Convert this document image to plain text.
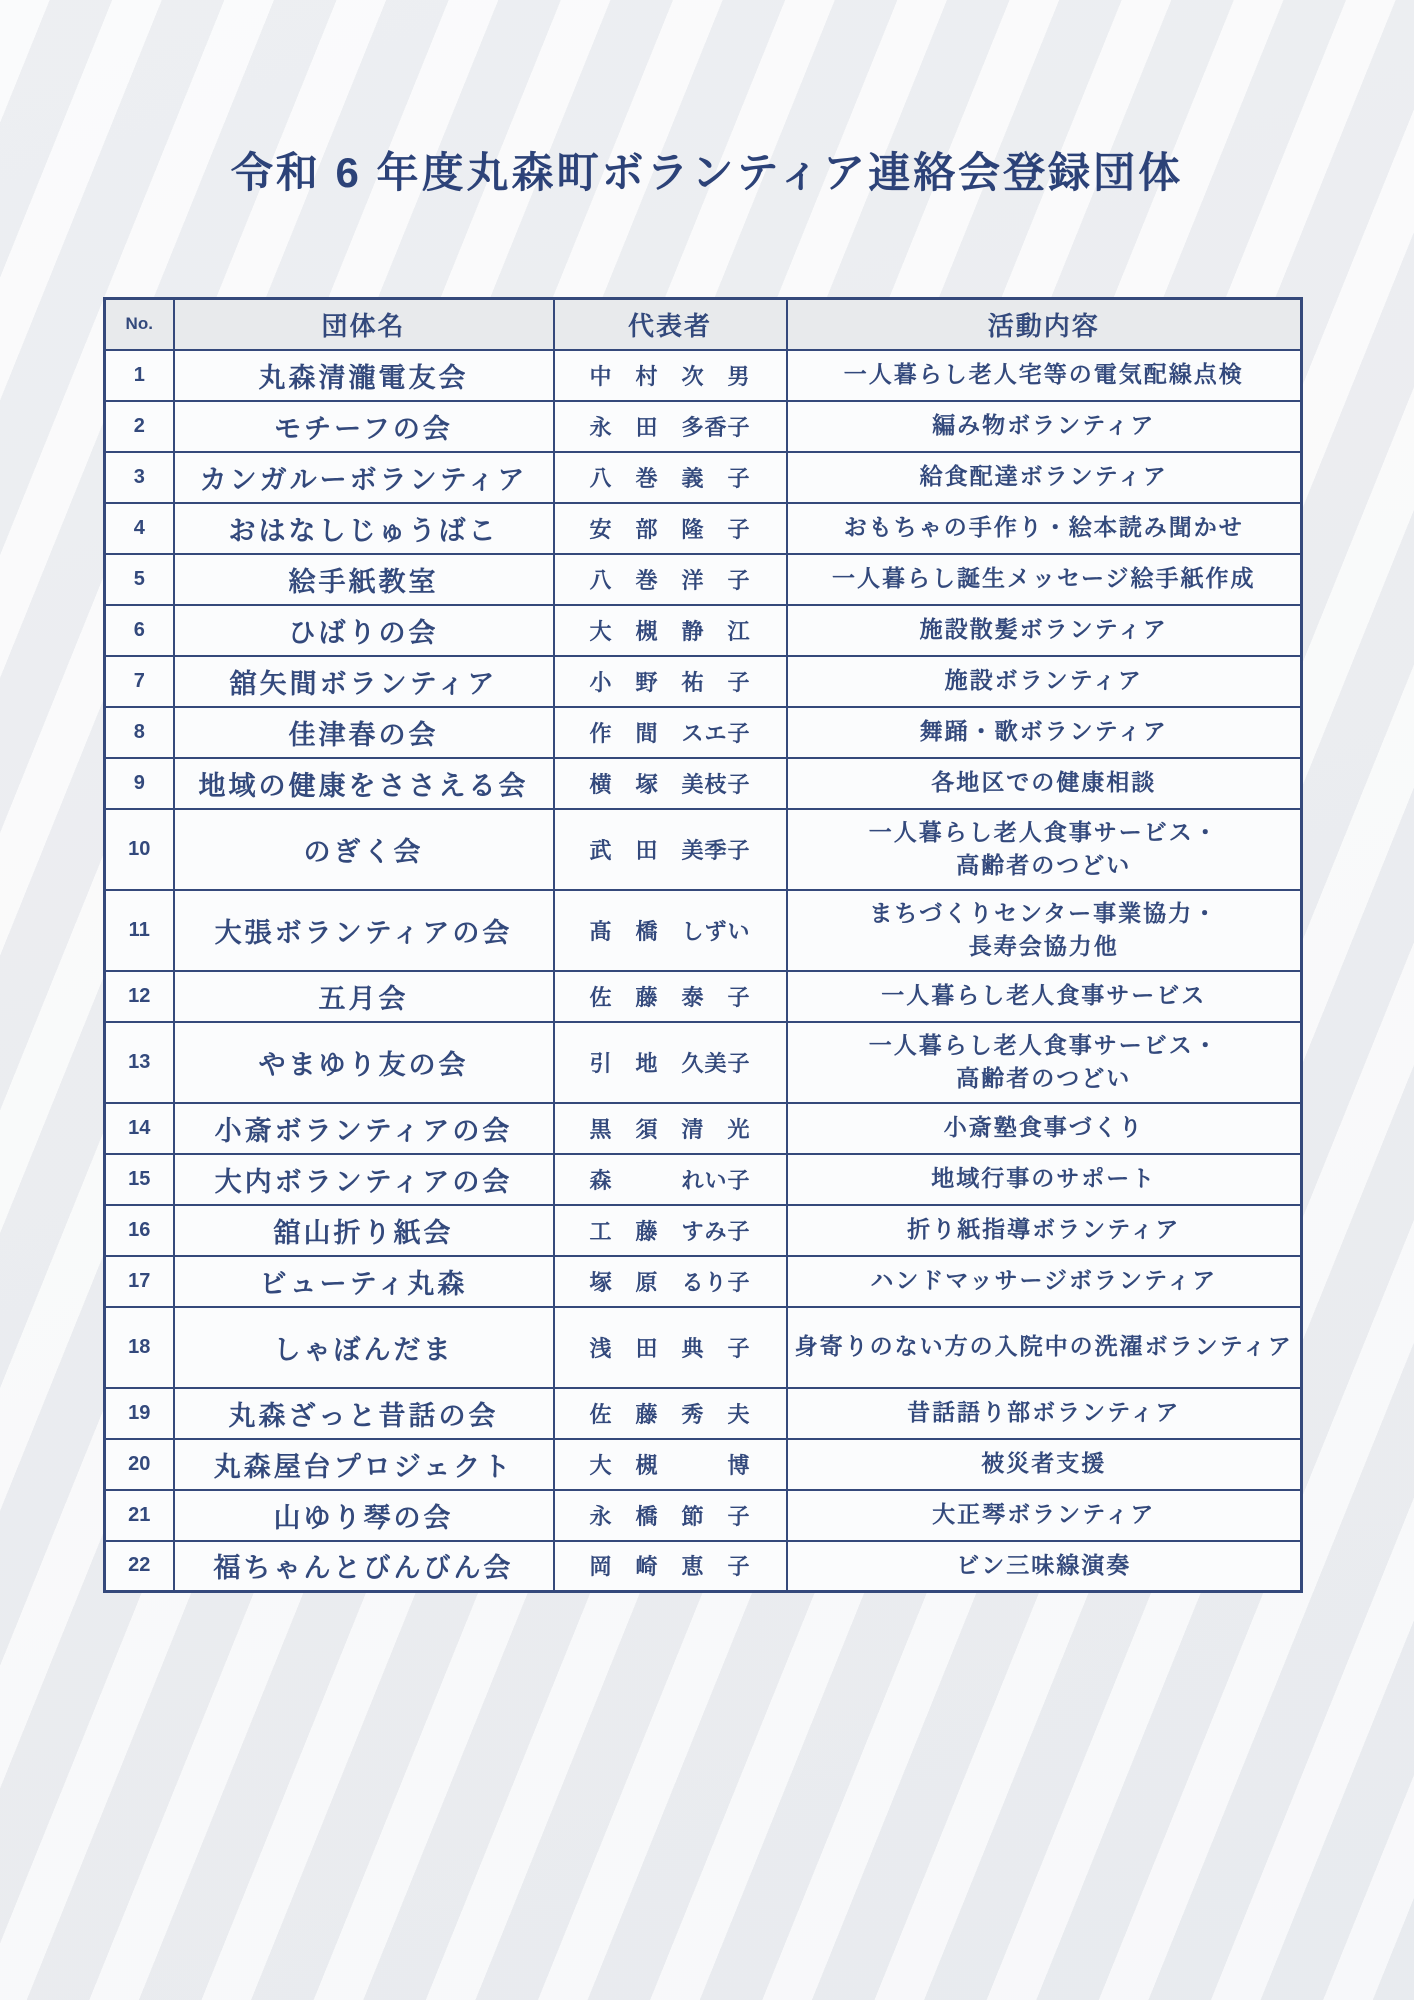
令和 6 年度丸森町ボランティア連絡会登録団体
No.	団体名	代表者	活動内容
1	丸森清瀧電友会	中　村　次　男	一人暮らし老人宅等の電気配線点検
2	モチーフの会	永　田　多香子	編み物ボランティア
3	カンガルーボランティア	八　巻　義　子	給食配達ボランティア
4	おはなしじゅうばこ	安　部　隆　子	おもちゃの手作り・絵本読み聞かせ
5	絵手紙教室	八　巻　洋　子	一人暮らし誕生メッセージ絵手紙作成
6	ひばりの会	大　槻　静　江	施設散髪ボランティア
7	舘矢間ボランティア	小　野　祐　子	施設ボランティア
8	佳津春の会	作　間　スエ子	舞踊・歌ボランティア
9	地域の健康をささえる会	横　塚　美枝子	各地区での健康相談
10	のぎく会	武　田　美季子	一人暮らし老人食事サービス・
高齢者のつどい
11	大張ボランティアの会	髙　橋　しずい	まちづくりセンター事業協力・
長寿会協力他
12	五月会	佐　藤　泰　子	一人暮らし老人食事サービス
13	やまゆり友の会	引　地　久美子	一人暮らし老人食事サービス・
高齢者のつどい
14	小斎ボランティアの会	黒　須　清　光	小斎塾食事づくり
15	大内ボランティアの会	森　　　れい子	地域行事のサポート
16	舘山折り紙会	工　藤　すみ子	折り紙指導ボランティア
17	ビューティ丸森	塚　原　るり子	ハンドマッサージボランティア
18	しゃぼんだま	浅　田　典　子	身寄りのない方の入院中の洗濯ボランティア
19	丸森ざっと昔話の会	佐　藤　秀　夫	昔話語り部ボランティア
20	丸森屋台プロジェクト	大　槻　　　博	被災者支援
21	山ゆり琴の会	永　橋　節　子	大正琴ボランティア
22	福ちゃんとびんびん会	岡　崎　恵　子	ビン三味線演奏
